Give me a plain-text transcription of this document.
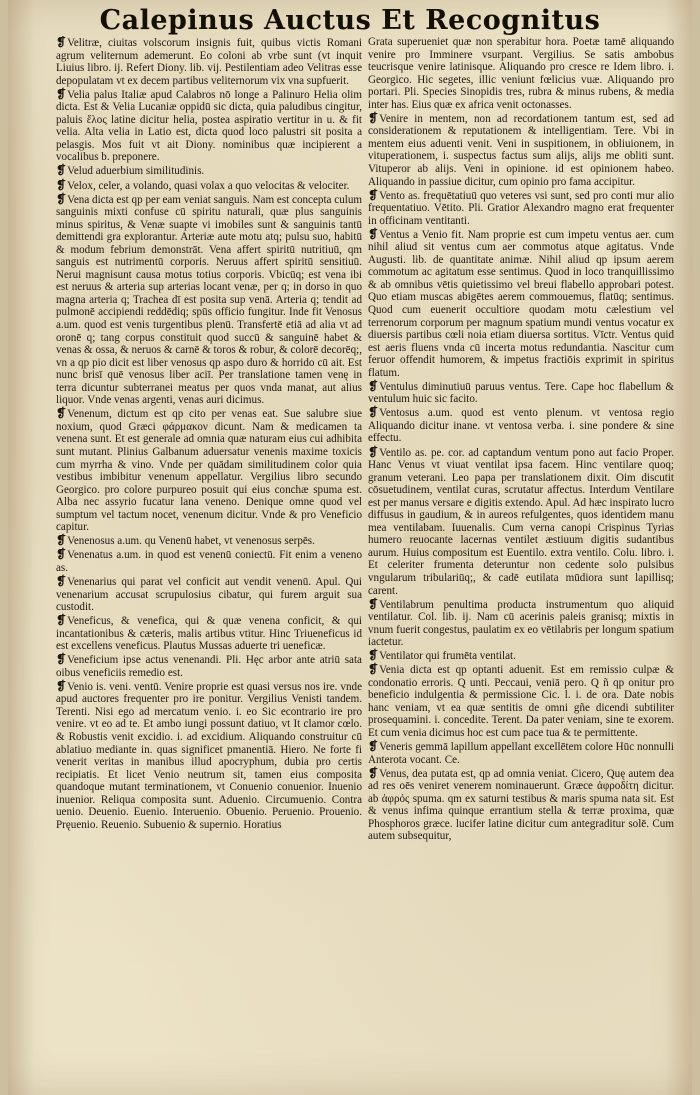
Calepinus Auctus Et Recognitus

❡Velitræ, ciuitas volscorum insignis fuit, quibus victis Romani agrum veliternum ademerunt. Eo coloni ab vrbe sunt (vt inquit Liuius libro. ij. Refert Diony. lib. vij. Pestilentiam adeo Velitras esse depopulatam vt ex decem partibus veliternorum vix vna supfuerit.

❡Velia palus Italiæ apud Calabros nō longe a Palinuro Helia olim dicta. Est & Velia Lucaniæ oppidū sic dicta, quia paludibus cingitur, paluis ἕλος latine dicitur helia, postea aspiratio vertitur in u. & fit velia. Alta velia in Latio est, dicta quod loco palustri sit posita a pelasgis. Mos fuit vt ait Diony. nominibus quæ incipierent a vocalibus b. preponere.

❡Velud aduerbium similitudinis.

❡Velox, celer, a volando, quasi volax a quo velocitas & velociter.

❡Vena dicta est qp per eam veniat sanguis. Nam est concepta culum sanguinis mixti confuse cū spiritu naturali, quæ plus sanguinis minus spiritus, & Venæ suapte vi imobiles sunt & sanguinis tantū demittendi gra explorantur. Arteriæ aute motu atq; pulsu suo, habitū & modum febrium demonstrāt. Vena affert spiritū nutritiuū, qm sanguis est nutrimentū corporis. Neruus affert spiritū sensitiuū. Nerui magnisunt causa motus totius corporis. Vbicūq; est vena ibi est neruus & arteria sup arterias locant venæ, per q; in dorso in quo magna arteria q; Trachea dī est posita sup venā. Arteria q; tendit ad pulmonē accipiendi reddēdiq; spūs officio fungitur. Inde fit Venosus a.um. quod est venis turgentibus plenū. Transfertē etiā ad alia vt ad oronē q; tang corpus constituit quod succū & sanguinē habet & venas & ossa, & neruos & carnē & toros & robur, & colorē decorēq;, vn a qp pio dicit est liber venosus qp aspo duro & horrido cū ait. Est nunc brisī quē venosus liber aciī. Per translatione tamen venę in terra dicuntur subterranei meatus per quos vnda manat, aut alius liquor. Vnde venas argenti, venas auri dicimus.

❡Venenum, dictum est qp cito per venas eat. Sue salubre siue noxium, quod Græci φάρμακον dicunt. Nam & medicamen ta venena sunt. Et est generale ad omnia quæ naturam eius cui adhibita sunt mutant. Plinius Galbanum aduersatur venenis maxime toxicis cum myrrha & vino. Vnde per quādam similitudinem color quia vestibus imbibitur venenum appellatur. Vergilius libro secundo Georgico. pro colore purpureo posuit qui eius conchæ spuma est. Alba nec assyrio fucatur lana veneno. Denique omne quod vel sumptum vel tactum nocet, venenum dicitur. Vnde & pro Veneficio capitur.

❡Venenosus a.um. qu Venenū habet, vt venenosus serpēs.

❡Venenatus a.um. in quod est venenū coniectū. Fit enim a veneno as.

❡Venenarius qui parat vel conficit aut vendit venenū. Apul. Qui venenarium accusat scrupulosius cibatur, qui furem arguit sua custodit.

❡Veneficus, & venefica, qui & quæ venena conficit, & qui incantationibus & cæteris, malis artibus vtitur. Hinc Triueneficus id est excellens veneficus. Plautus Mussas aduerte tri ueneficæ.

❡Veneficium ipse actus venenandi. Pli. Hęc arbor ante atriū sata oibus veneficiis remedio est.

❡Venio is. veni. ventū. Venire proprie est quasi versus nos ire. vnde apud auctores frequenter pro ire ponitur. Vergilius Venisti tandem. Terenti. Nisi ego ad mercatum venio. i. eo Sic econtrario ire pro venire. vt eo ad te. Et ambo iungi possunt datiuo, vt It clamor cœlo. & Robustis venit excidio. i. ad excidium. Aliquando construitur cū ablatiuo mediante in. quas significet pmanentiā. Hiero. Ne forte fi venerit veritas in manibus illud apocryphum, dubia pro certis recipiatis. Et licet Venio neutrum sit, tamen eius composita quandoque mutant terminationem, vt Conuenio conuenior. Inuenio inuenior. Reliqua composita sunt. Aduenio. Circumuenio. Contra uenio. Deuenio. Euenio. Interuenio. Obuenio. Peruenio. Prouenio. Pręuenio. Reuenio. Subuenio & supernio. Horatius

Grata superueniet quæ non sperabitur hora. Poetæ tamē aliquando venire pro Imminere vsurpant. Vergilius. Se satis ambobus teucrisque venire latinisque. Aliquando pro cresce re Idem libro. i. Georgico. Hic segetes, illic veniunt fœlicius vuæ. Aliquando pro portari. Pli. Species Sinopidis tres, rubra & minus rubens, & media inter has. Eius quæ ex africa venit octonasses.

❡Venire in mentem, non ad recordationem tantum est, sed ad considerationem & reputationem & intelligentiam. Tere. Vbi in mentem eius aduenti venit. Veni in suspitionem, in obliuionem, in vituperationem, i. suspectus factus sum alijs, alijs me obliti sunt. Vituperor ab alijs. Veni in opinione. id est opinionem habeo. Aliquando in passiue dicitur, cum opinio pro fama accipitur.

❡Vento as. frequētatiuū quo veteres vsi sunt, sed pro conti mur alio frequentatiuo. Vētito. Pli. Gratior Alexandro magno erat frequenter in officinam ventitanti.

❡Ventus a Venio fit. Nam proprie est cum impetu ventus aer. cum nihil aliud sit ventus cum aer commotus atque agitatus. Vnde Augusti. lib. de quantitate animæ. Nihil aliud qp ipsum aerem commotum ac agitatum esse sentimus. Quod in loco tranquillissimo & ab omnibus vētis quietissimo vel breui flabello approbari potest. Quo etiam muscas abigētes aerem commouemus, flatūq; sentimus. Quod cum euenerit occultiore quodam motu cælestium vel terrenorum corporum per magnum spatium mundi ventus vocatur ex diuersis partibus cœli noia etiam diuersa sortitus. Vīctr. Ventus quid est aeris fluens vnda cū incerta motus redundantia. Nascitur cum feruor offendit humorem, & impetus fractiōis exprimit in spiritus flatum.

❡Ventulus diminutiuū paruus ventus. Tere. Cape hoc flabellum & ventulum huic sic facito.

❡Ventosus a.um. quod est vento plenum. vt ventosa regio Aliquando dicitur inane. vt ventosa verba. i. sine pondere & sine effectu.

❡Ventilo as. pe. cor. ad captandum ventum pono aut facio Proper. Hanc Venus vt viuat ventilat ipsa facem. Hinc ventilare quoq; granum veterani. Leo papa per translationem dixit. Oim discutit cōsuetudinem, ventilat curas, scrutatur affectus. Interdum Ventilare est per manus versare e digitis extendo. Apul. Ad hæc inspirato lucro diffusus in gaudium, & in aureos refulgentes, quos identidem manu mea ventilabam. Iuuenalis. Cum verna canopi Crispinus Tyrias humero reuocante lacernas ventilet æstiuum digitis sudantibus aurum. Huius compositum est Euentilo. extra ventilo. Colu. libro. i. Et celeriter frumenta deteruntur non cedente solo pulsibus vngularum tribulariūq;, & cadē eutilata mūdiora sunt lapillisq; carent.

❡Ventilabrum penultima producta instrumentum quo aliquid ventilatur. Col. lib. ij. Nam cū acerinis paleis granisq; mixtis in vnum fuerit congestus, paulatim ex eo vētilabris per longum spatium iactetur.

❡Ventilator qui frumēta ventilat.

❡Venia dicta est qp optanti aduenit. Est em remissio culpæ & condonatio erroris. Q unti. Peccaui, veniā pero. Q ñ qp onitur pro beneficio indulgentia & permissione Cic. l. i. de ora. Date nobis hanc veniam, vt ea quæ sentitis de omni gñe dicendi subtiliter prosequamini. i. concedite. Terent. Da pater veniam, sine te exorem. Et cum venia dicimus hoc est cum pace tua & te permittente.

❡Veneris gemmā lapillum appellant excellētem colore Hūc nonnulli Anterota vocant. Ce.

❡Venus, dea putata est, qp ad omnia veniat. Cicero, Quę autem dea ad res oēs veniret venerem nominauerunt. Græce ἀφροδίτη dicitur. ab ἀφρός spuma. qm ex saturni testibus & maris spuma nata sit. Est & venus infima quinque errantium stella & terræ proxima, quæ Phosphoros græce. lucifer latine dicitur cum antegraditur solē. Cum autem subsequitur,
